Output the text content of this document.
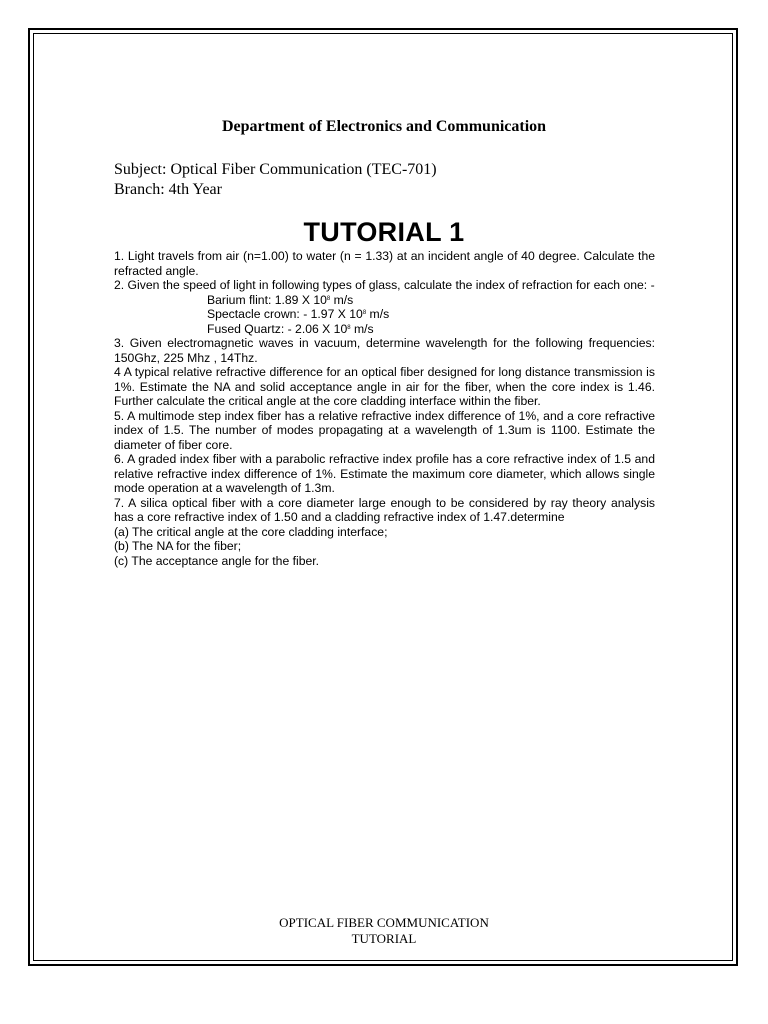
Department of Electronics and Communication
Subject: Optical Fiber Communication (TEC-701)
Branch: 4th Year
TUTORIAL 1
1. Light travels from air (n=1.00) to water (n = 1.33) at an incident angle of 40 degree. Calculate the refracted angle.
2. Given the speed of light in following types of glass, calculate the index of refraction for each one: -
Barium flint: 1.89 X $10^8$ m/s
Spectacle crown: - 1.97 X $10^8$ m/s
Fused Quartz: - 2.06 X $10^8$ m/s
3. Given electromagnetic waves in vacuum, determine wavelength for the following frequencies: 150Ghz, 225 Mhz , 14Thz.
4 A typical relative refractive difference for an optical fiber designed for long distance transmission is 1%. Estimate the NA and solid acceptance angle in air for the fiber, when the core index is 1.46. Further calculate the critical angle at the core cladding interface within the fiber.
5. A multimode step index fiber has a relative refractive index difference of 1%, and a core refractive index of 1.5. The number of modes propagating at a wavelength of 1.3um is 1100. Estimate the diameter of fiber core.
6. A graded index fiber with a parabolic refractive index profile has a core refractive index of 1.5 and relative refractive index difference of 1%. Estimate the maximum core diameter, which allows single mode operation at a wavelength of 1.3m.
7. A silica optical fiber with a core diameter large enough to be considered by ray theory analysis has a core refractive index of 1.50 and a cladding refractive index of 1.47.determine
(a) The critical angle at the core cladding interface;
(b) The NA for the fiber;
(c) The acceptance angle for the fiber.
OPTICAL FIBER COMMUNICATION
TUTORIAL
